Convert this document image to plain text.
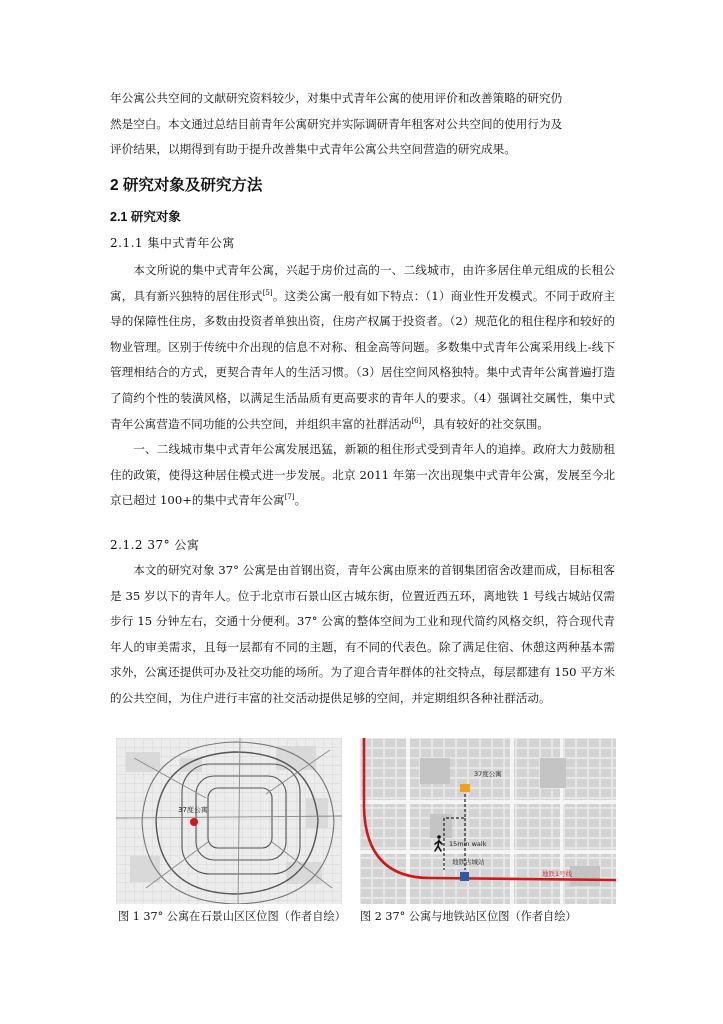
年公寓公共空间的文献研究资料较少，对集中式青年公寓的使用评价和改善策略的研究仍
然是空白。本文通过总结目前青年公寓研究并实际调研青年租客对公共空间的使用行为及
评价结果，以期得到有助于提升改善集中式青年公寓公共空间营造的研究成果。
2 研究对象及研究方法
2.1 研究对象
2.1.1 集中式青年公寓
本文所说的集中式青年公寓，兴起于房价过高的一、二线城市，由许多居住单元组成的长租公寓，具有新兴独特的居住形式[5]。这类公寓一般有如下特点：（1）商业性开发模式。不同于政府主导的保障性住房，多数由投资者单独出资，住房产权属于投资者。（2）规范化的租住程序和较好的物业管理。区别于传统中介出现的信息不对称、租金高等问题。多数集中式青年公寓采用线上-线下管理相结合的方式，更契合青年人的生活习惯。（3）居住空间风格独特。集中式青年公寓普遍打造了简约个性的装潢风格，以满足生活品质有更高要求的青年人的要求。（4）强调社交属性，集中式青年公寓营造不同功能的公共空间，并组织丰富的社群活动[6]，具有较好的社交氛围。
一、二线城市集中式青年公寓发展迅猛，新颖的租住形式受到青年人的追捧。政府大力鼓励租住的政策，使得这种居住模式进一步发展。北京 2011 年第一次出现集中式青年公寓，发展至今北京已超过 100+的集中式青年公寓[7]。
2.1.2 37° 公寓
本文的研究对象 37° 公寓是由首钢出资，青年公寓由原来的首钢集团宿舍改建而成，目标租客是 35 岁以下的青年人。位于北京市石景山区古城东街，位置近西五环，离地铁 1 号线古城站仅需步行 15 分钟左右，交通十分便利。37° 公寓的整体空间为工业和现代简约风格交织，符合现代青年人的审美需求，且每一层都有不同的主题，有不同的代表色。除了满足住宿、休憩这两种基本需求外，公寓还提供可办及社交功能的场所。为了迎合青年群体的社交特点，每层都建有 150 平方米的公共空间，为住户进行丰富的社交活动提供足够的空间，并定期组织各种社群活动。
37度公寓
37度公寓
15min walk
地铁古城站
地铁1号线
图 1 37° 公寓在石景山区区位图（作者自绘） 图 2 37° 公寓与地铁站区位图（作者自绘）
